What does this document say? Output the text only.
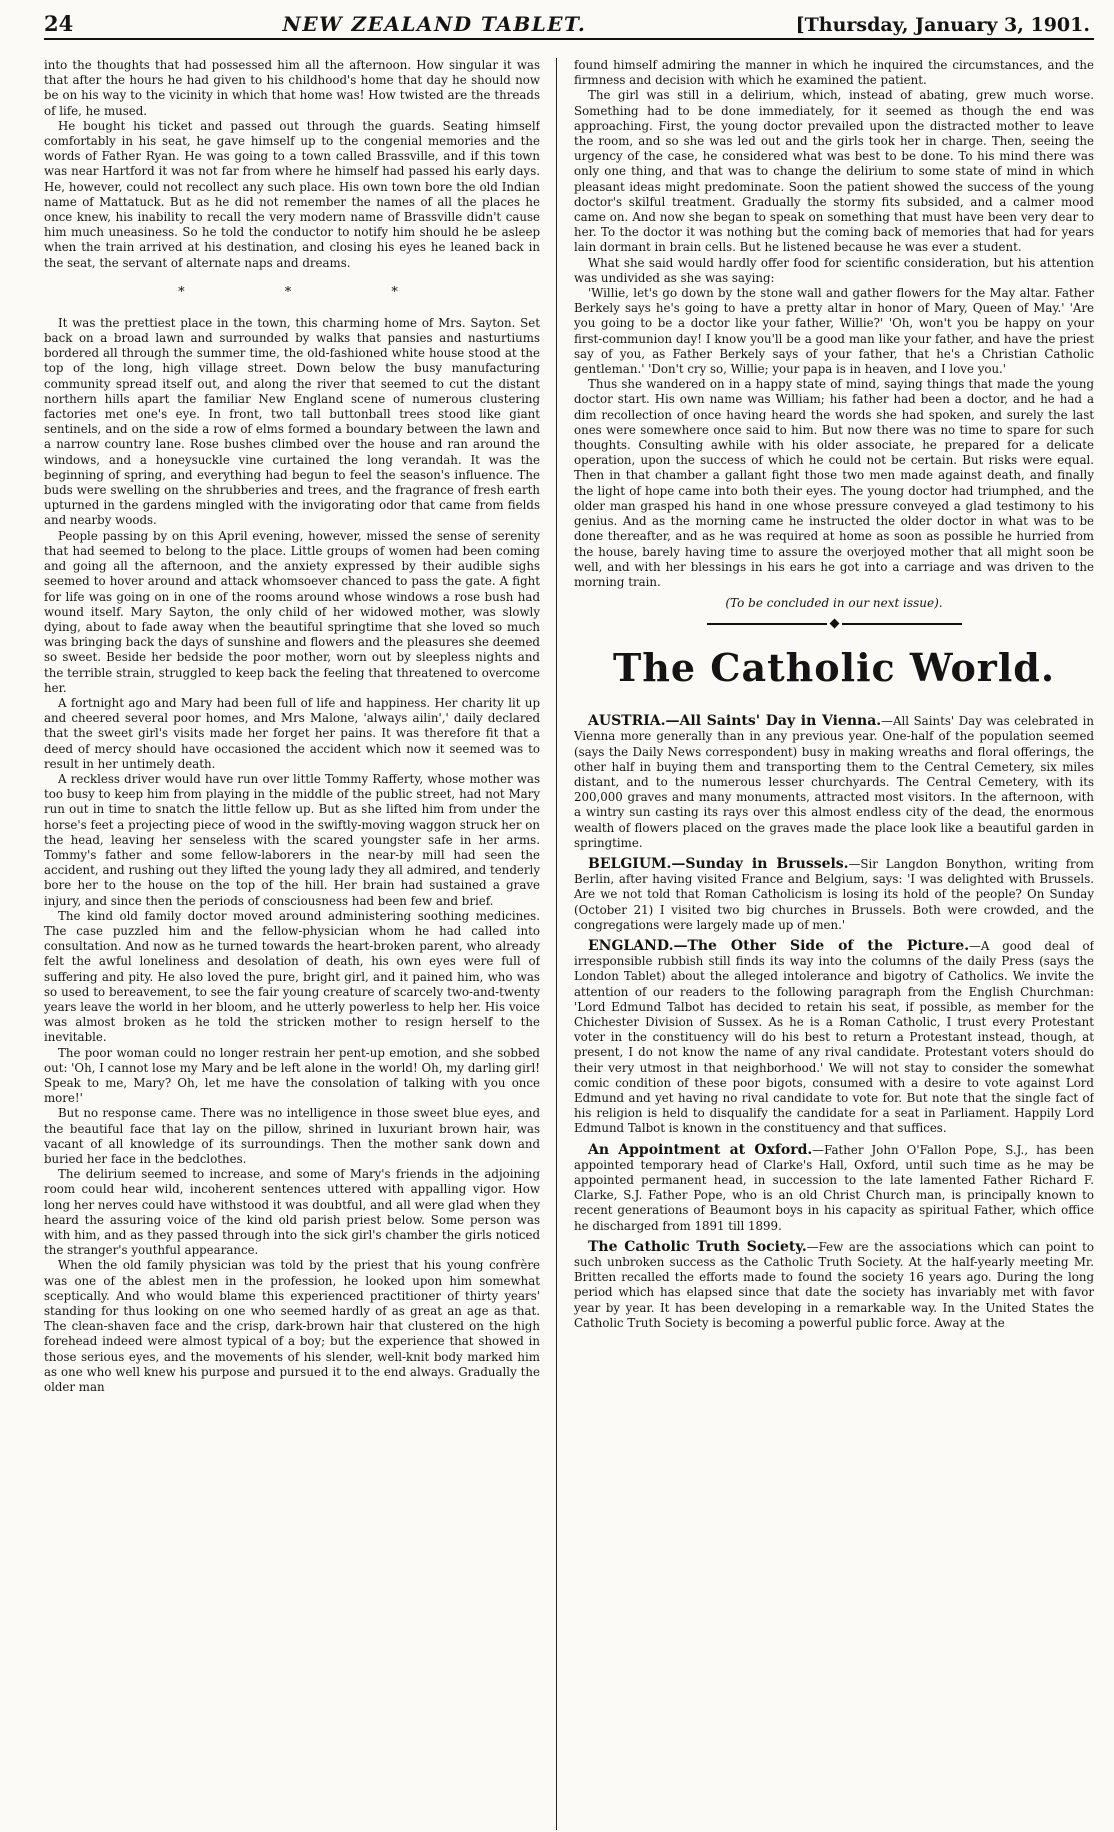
24	NEW ZEALAND TABLET.	[Thursday, January 3, 1901.

into the thoughts that had possessed him all the afternoon. How singular it was that after the hours he had given to his childhood's home that day he should now be on his way to the vicinity in which that home was! How twisted are the threads of life, he mused.

He bought his ticket and passed out through the guards. Seating himself comfortably in his seat, he gave himself up to the congenial memories and the words of Father Ryan. He was going to a town called Brassville, and if this town was near Hartford it was not far from where he himself had passed his early days. He, however, could not recollect any such place. His own town bore the old Indian name of Mattatuck. But as he did not remember the names of all the places he once knew, his inability to recall the very modern name of Brassville didn't cause him much uneasiness. So he told the conductor to notify him should he be asleep when the train arrived at his destination, and closing his eyes he leaned back in the seat, the servant of alternate naps and dreams.

* * *

It was the prettiest place in the town, this charming home of Mrs. Sayton. Set back on a broad lawn and surrounded by walks that pansies and nasturtiums bordered all through the summer time, the old-fashioned white house stood at the top of the long, high village street. Down below the busy manufacturing community spread itself out, and along the river that seemed to cut the distant northern hills apart the familiar New England scene of numerous clustering factories met one's eye. In front, two tall buttonball trees stood like giant sentinels, and on the side a row of elms formed a boundary between the lawn and a narrow country lane. Rose bushes climbed over the house and ran around the windows, and a honeysuckle vine curtained the long verandah. It was the beginning of spring, and everything had begun to feel the season's influence. The buds were swelling on the shrubberies and trees, and the fragrance of fresh earth upturned in the gardens mingled with the invigorating odor that came from fields and nearby woods.

People passing by on this April evening, however, missed the sense of serenity that had seemed to belong to the place. Little groups of women had been coming and going all the afternoon, and the anxiety expressed by their audible sighs seemed to hover around and attack whomsoever chanced to pass the gate. A fight for life was going on in one of the rooms around whose windows a rose bush had wound itself. Mary Sayton, the only child of her widowed mother, was slowly dying, about to fade away when the beautiful springtime that she loved so much was bringing back the days of sunshine and flowers and the pleasures she deemed so sweet. Beside her bedside the poor mother, worn out by sleepless nights and the terrible strain, struggled to keep back the feeling that threatened to overcome her.

A fortnight ago and Mary had been full of life and happiness. Her charity lit up and cheered several poor homes, and Mrs Malone, 'always ailin',' daily declared that the sweet girl's visits made her forget her pains. It was therefore fit that a deed of mercy should have occasioned the accident which now it seemed was to result in her untimely death.

A reckless driver would have run over little Tommy Rafferty, whose mother was too busy to keep him from playing in the middle of the public street, had not Mary run out in time to snatch the little fellow up. But as she lifted him from under the horse's feet a projecting piece of wood in the swiftly-moving waggon struck her on the head, leaving her senseless with the scared youngster safe in her arms. Tommy's father and some fellow-laborers in the near-by mill had seen the accident, and rushing out they lifted the young lady they all admired, and tenderly bore her to the house on the top of the hill. Her brain had sustained a grave injury, and since then the periods of consciousness had been few and brief.

The kind old family doctor moved around administering soothing medicines. The case puzzled him and the fellow-physician whom he had called into consultation. And now as he turned towards the heart-broken parent, who already felt the awful loneliness and desolation of death, his own eyes were full of suffering and pity. He also loved the pure, bright girl, and it pained him, who was so used to bereavement, to see the fair young creature of scarcely two-and-twenty years leave the world in her bloom, and he utterly powerless to help her. His voice was almost broken as he told the stricken mother to resign herself to the inevitable.

The poor woman could no longer restrain her pent-up emotion, and she sobbed out: 'Oh, I cannot lose my Mary and be left alone in the world! Oh, my darling girl! Speak to me, Mary? Oh, let me have the consolation of talking with you once more!'

But no response came. There was no intelligence in those sweet blue eyes, and the beautiful face that lay on the pillow, shrined in luxuriant brown hair, was vacant of all knowledge of its surroundings. Then the mother sank down and buried her face in the bedclothes.

The delirium seemed to increase, and some of Mary's friends in the adjoining room could hear wild, incoherent sentences uttered with appalling vigor. How long her nerves could have withstood it was doubtful, and all were glad when they heard the assuring voice of the kind old parish priest below. Some person was with him, and as they passed through into the sick girl's chamber the girls noticed the stranger's youthful appearance.

When the old family physician was told by the priest that his young confrère was one of the ablest men in the profession, he looked upon him somewhat sceptically. And who would blame this experienced practitioner of thirty years' standing for thus looking on one who seemed hardly of as great an age as that. The clean-shaven face and the crisp, dark-brown hair that clustered on the high forehead indeed were almost typical of a boy; but the experience that showed in those serious eyes, and the movements of his slender, well-knit body marked him as one who well knew his purpose and pursued it to the end always. Gradually the older man

found himself admiring the manner in which he inquired the circumstances, and the firmness and decision with which he examined the patient.

The girl was still in a delirium, which, instead of abating, grew much worse. Something had to be done immediately, for it seemed as though the end was approaching. First, the young doctor prevailed upon the distracted mother to leave the room, and so she was led out and the girls took her in charge. Then, seeing the urgency of the case, he considered what was best to be done. To his mind there was only one thing, and that was to change the delirium to some state of mind in which pleasant ideas might predominate. Soon the patient showed the success of the young doctor's skilful treatment. Gradually the stormy fits subsided, and a calmer mood came on. And now she began to speak on something that must have been very dear to her. To the doctor it was nothing but the coming back of memories that had for years lain dormant in brain cells. But he listened because he was ever a student.

What she said would hardly offer food for scientific consideration, but his attention was undivided as she was saying:

'Willie, let's go down by the stone wall and gather flowers for the May altar. Father Berkely says he's going to have a pretty altar in honor of Mary, Queen of May.' 'Are you going to be a doctor like your father, Willie?' 'Oh, won't you be happy on your first-communion day! I know you'll be a good man like your father, and have the priest say of you, as Father Berkely says of your father, that he's a Christian Catholic gentleman.' 'Don't cry so, Willie; your papa is in heaven, and I love you.'

Thus she wandered on in a happy state of mind, saying things that made the young doctor start. His own name was William; his father had been a doctor, and he had a dim recollection of once having heard the words she had spoken, and surely the last ones were somewhere once said to him. But now there was no time to spare for such thoughts. Consulting awhile with his older associate, he prepared for a delicate operation, upon the success of which he could not be certain. But risks were equal. Then in that chamber a gallant fight those two men made against death, and finally the light of hope came into both their eyes. The young doctor had triumphed, and the older man grasped his hand in one whose pressure conveyed a glad testimony to his genius. And as the morning came he instructed the older doctor in what was to be done thereafter, and as he was required at home as soon as possible he hurried from the house, barely having time to assure the overjoyed mother that all might soon be well, and with her blessings in his ears he got into a carriage and was driven to the morning train.

(To be concluded in our next issue).
The Catholic World.

AUSTRIA.—All Saints' Day in Vienna.—All Saints' Day was celebrated in Vienna more generally than in any previous year. One-half of the population seemed (says the Daily News correspondent) busy in making wreaths and floral offerings, the other half in buying them and transporting them to the Central Cemetery, six miles distant, and to the numerous lesser churchyards. The Central Cemetery, with its 200,000 graves and many monuments, attracted most visitors. In the afternoon, with a wintry sun casting its rays over this almost endless city of the dead, the enormous wealth of flowers placed on the graves made the place look like a beautiful garden in springtime.

BELGIUM.—Sunday in Brussels.—Sir Langdon Bonython, writing from Berlin, after having visited France and Belgium, says: 'I was delighted with Brussels. Are we not told that Roman Catholicism is losing its hold of the people? On Sunday (October 21) I visited two big churches in Brussels. Both were crowded, and the congregations were largely made up of men.'

ENGLAND.—The Other Side of the Picture.—A good deal of irresponsible rubbish still finds its way into the columns of the daily Press (says the London Tablet) about the alleged intolerance and bigotry of Catholics. We invite the attention of our readers to the following paragraph from the English Churchman: 'Lord Edmund Talbot has decided to retain his seat, if possible, as member for the Chichester Division of Sussex. As he is a Roman Catholic, I trust every Protestant voter in the constituency will do his best to return a Protestant instead, though, at present, I do not know the name of any rival candidate. Protestant voters should do their very utmost in that neighborhood.' We will not stay to consider the somewhat comic condition of these poor bigots, consumed with a desire to vote against Lord Edmund and yet having no rival candidate to vote for. But note that the single fact of his religion is held to disqualify the candidate for a seat in Parliament. Happily Lord Edmund Talbot is known in the constituency and that suffices.

An Appointment at Oxford.—Father John O'Fallon Pope, S.J., has been appointed temporary head of Clarke's Hall, Oxford, until such time as he may be appointed permanent head, in succession to the late lamented Father Richard F. Clarke, S.J. Father Pope, who is an old Christ Church man, is principally known to recent generations of Beaumont boys in his capacity as spiritual Father, which office he discharged from 1891 till 1899.

The Catholic Truth Society.—Few are the associations which can point to such unbroken success as the Catholic Truth Society. At the half-yearly meeting Mr. Britten recalled the efforts made to found the society 16 years ago. During the long period which has elapsed since that date the society has invariably met with favor year by year. It has been developing in a remarkable way. In the United States the Catholic Truth Society is becoming a powerful public force. Away at the
